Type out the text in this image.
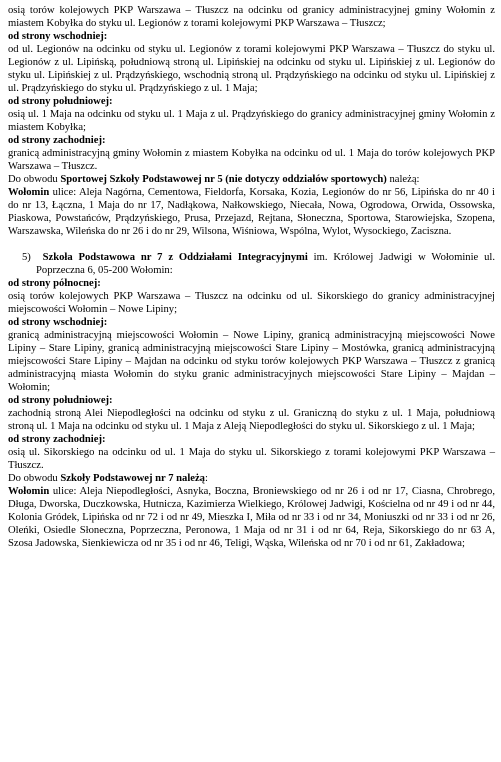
osią torów kolejowych PKP Warszawa – Tłuszcz na odcinku od granicy administracyjnej gminy Wołomin z miastem Kobyłka do styku ul. Legionów z torami kolejowymi PKP Warszawa – Tłuszcz;

od strony wschodniej:

od ul. Legionów na odcinku od styku ul. Legionów z torami kolejowymi PKP Warszawa – Tłuszcz do styku ul. Legionów z ul. Lipińską, południową stroną ul. Lipińskiej na odcinku od styku ul. Lipińskiej z ul. Legionów do styku ul. Lipińskiej z ul. Prądzyńskiego, wschodnią stroną ul. Prądzyńskiego na odcinku od styku ul. Lipińskiej z ul. Prądzyńskiego do styku ul. Prądzyńskiego z ul. 1 Maja;

od strony południowej:

osią ul. 1 Maja na odcinku od styku ul. 1 Maja z ul. Prądzyńskiego do granicy administracyjnej gminy Wołomin z miastem Kobyłka;

od strony zachodniej:

granicą administracyjną gminy Wołomin z miastem Kobyłka na odcinku od ul. 1 Maja do torów kolejowych PKP Warszawa – Tłuszcz.

Do obwodu Sportowej Szkoły Podstawowej nr 5 (nie dotyczy oddziałów sportowych) należą:

Wołomin ulice: Aleja Nagórna, Cementowa, Fieldorfa, Korsaka, Kozia, Legionów do nr 56, Lipińska do nr 40 i do nr 13, Łączna, 1 Maja do nr 17, Nadłąkowa, Nałkowskiego, Niecała, Nowa, Ogrodowa, Orwida, Ossowska, Piaskowa, Powstańców, Prądzyńskiego, Prusa, Przejazd, Rejtana, Słoneczna, Sportowa, Starowiejska, Szopena, Warszawska, Wileńska do nr 26 i do nr 29, Wilsona, Wiśniowa, Wspólna, Wylot, Wysockiego, Zaciszna.

5) Szkoła Podstawowa nr 7 z Oddziałami Integracyjnymi im. Królowej Jadwigi w Wołominie ul. Poprzeczna 6, 05-200 Wołomin:

od strony północnej:

osią torów kolejowych PKP Warszawa – Tłuszcz na odcinku od ul. Sikorskiego do granicy administracyjnej miejscowości Wołomin – Nowe Lipiny;

od strony wschodniej:

granicą administracyjną miejscowości Wołomin – Nowe Lipiny, granicą administracyjną miejscowości Nowe Lipiny – Stare Lipiny, granicą administracyjną miejscowości Stare Lipiny – Mostówka, granicą administracyjną miejscowości Stare Lipiny – Majdan na odcinku od styku torów kolejowych PKP Warszawa – Tłuszcz z granicą administracyjną miasta Wołomin do styku granic administracyjnych miejscowości Stare Lipiny – Majdan – Wołomin;

od strony południowej:

zachodnią stroną Alei Niepodległości na odcinku od styku z ul. Graniczną do styku z ul. 1 Maja, południową stroną ul. 1 Maja na odcinku od styku ul. 1 Maja z Aleją Niepodległości do styku ul. Sikorskiego z ul. 1 Maja;

od strony zachodniej:

osią ul. Sikorskiego na odcinku od ul. 1 Maja do styku ul. Sikorskiego z torami kolejowymi PKP Warszawa – Tłuszcz.

Do obwodu Szkoły Podstawowej nr 7 należą:

Wołomin ulice: Aleja Niepodległości, Asnyka, Boczna, Broniewskiego od nr 26 i od nr 17, Ciasna, Chrobrego, Długa, Dworska, Duczkowska, Hutnicza, Kazimierza Wielkiego, Królowej Jadwigi, Kościelna od nr 49 i od nr 44, Kolonia Gródek, Lipińska od nr 72 i od nr 49, Mieszka I, Miła od nr 33 i od nr 34, Moniuszki od nr 33 i od nr 26, Oleńki, Osiedle Słoneczna, Poprzeczna, Peronowa, 1 Maja od nr 31 i od nr 64, Reja, Sikorskiego do nr 63 A, Szosa Jadowska, Sienkiewicza od nr 35 i od nr 46, Teligi, Wąska, Wileńska od nr 70 i od nr 61, Zakładowa;
